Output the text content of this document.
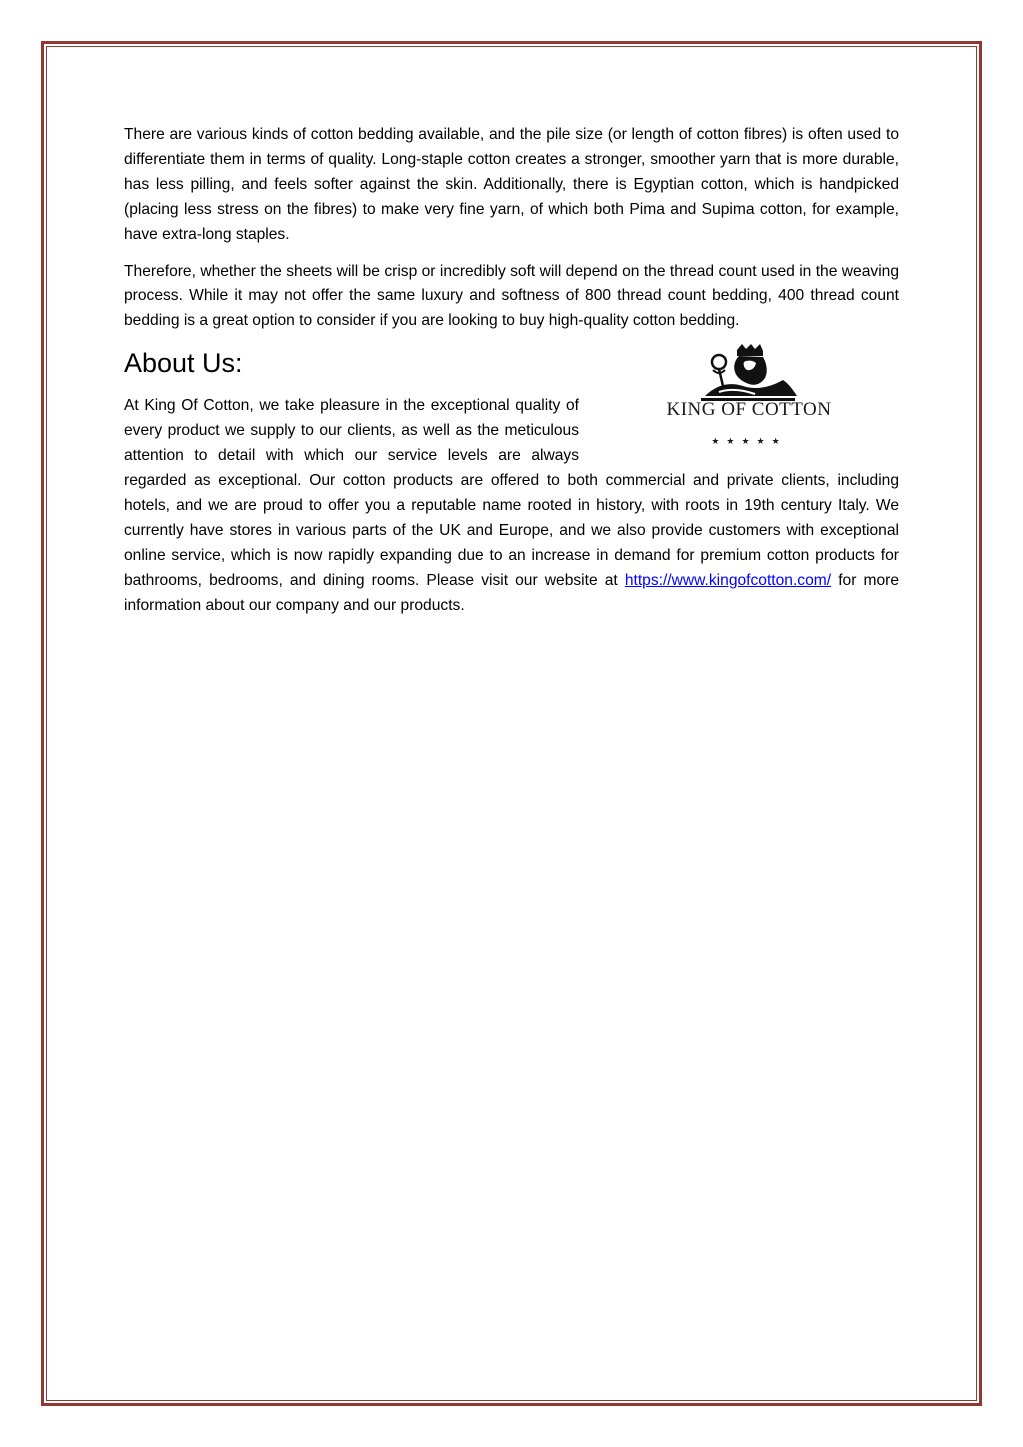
There are various kinds of cotton bedding available, and the pile size (or length of cotton fibres) is often used to differentiate them in terms of quality. Long-staple cotton creates a stronger, smoother yarn that is more durable, has less pilling, and feels softer against the skin. Additionally, there is Egyptian cotton, which is handpicked (placing less stress on the fibres) to make very fine yarn, of which both Pima and Supima cotton, for example, have extra-long staples.

Therefore, whether the sheets will be crisp or incredibly soft will depend on the thread count used in the weaving process. While it may not offer the same luxury and softness of 800 thread count bedding, 400 thread count bedding is a great option to consider if you are looking to buy high-quality cotton bedding.

About Us:

KING OF COTTON
★★★★★
At King Of Cotton, we take pleasure in the exceptional quality of every product we supply to our clients, as well as the meticulous attention to detail with which our service levels are always regarded as exceptional. Our cotton products are offered to both commercial and private clients, including hotels, and we are proud to offer you a reputable name rooted in history, with roots in 19th century Italy. We currently have stores in various parts of the UK and Europe, and we also provide customers with exceptional online service, which is now rapidly expanding due to an increase in demand for premium cotton products for bathrooms, bedrooms, and dining rooms. Please visit our website at https://www.kingofcotton.com/ for more information about our company and our products.
